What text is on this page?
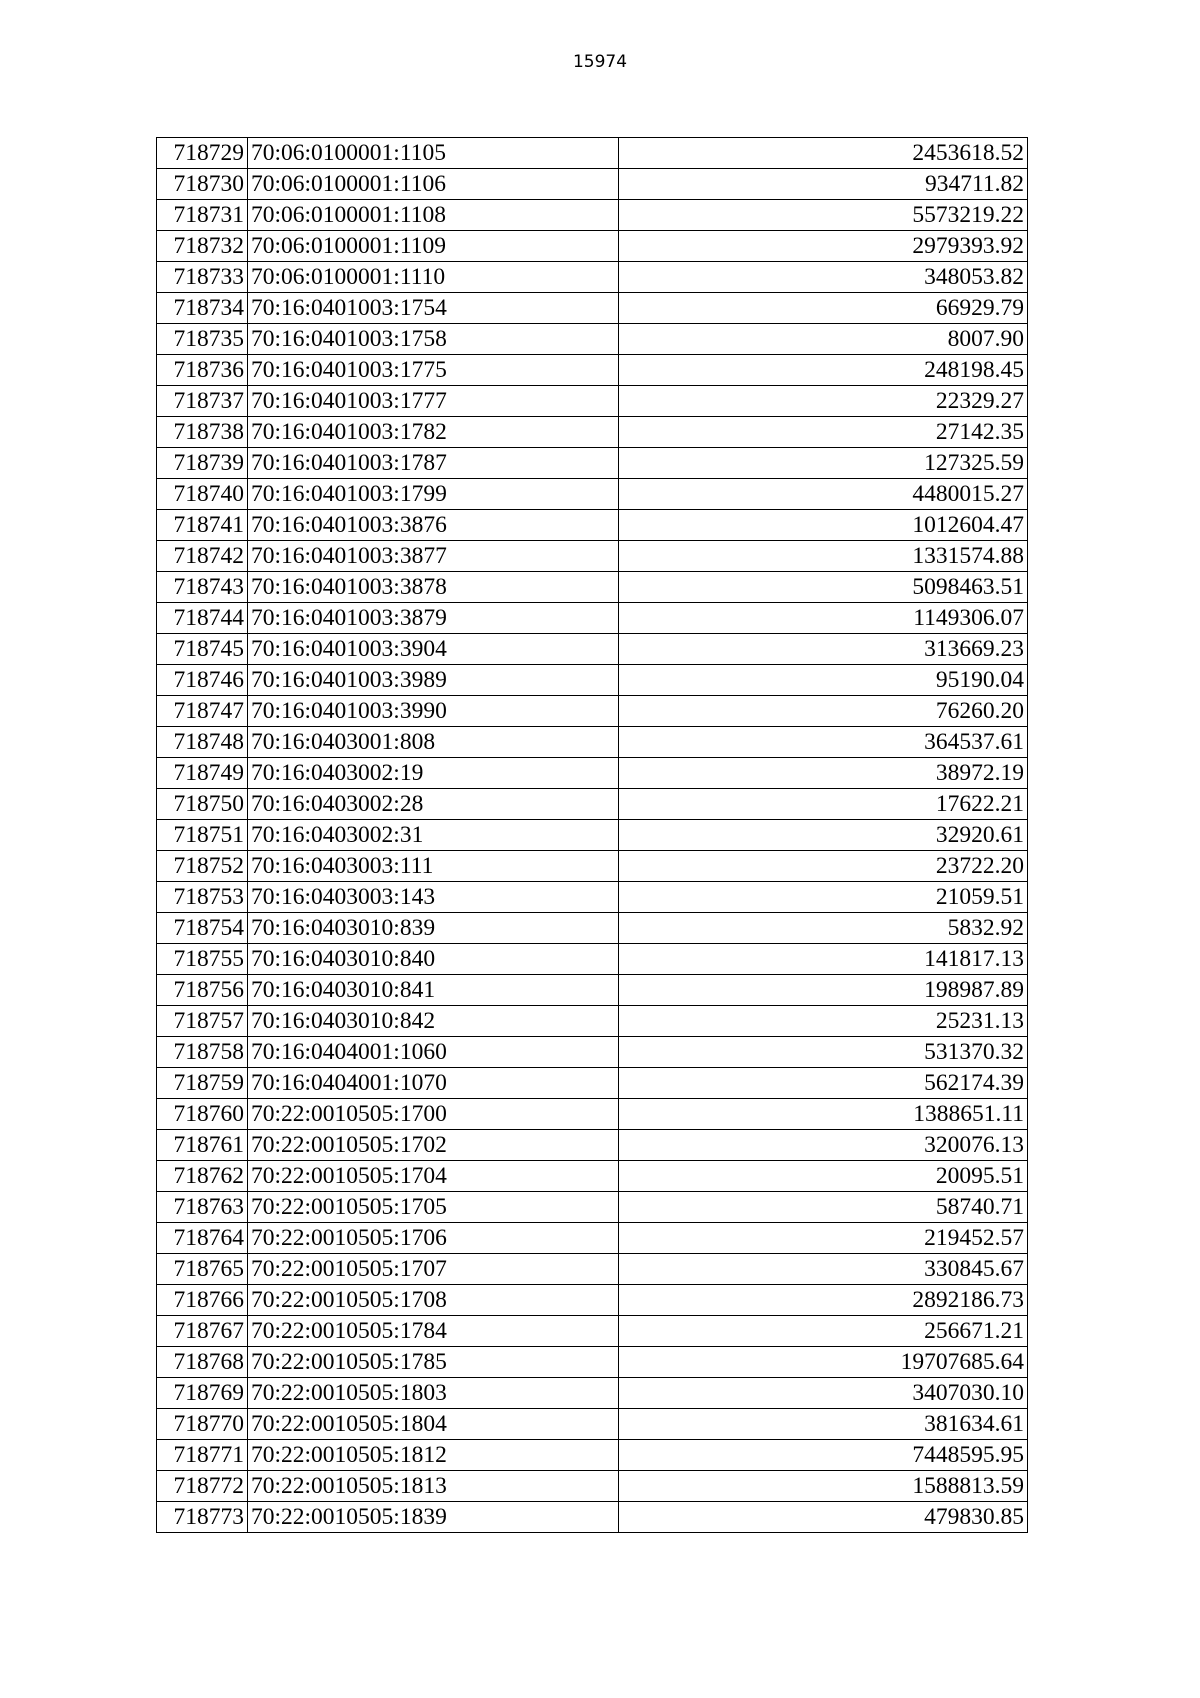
15974
718729	70:06:0100001:1105	2453618.52
718730	70:06:0100001:1106	934711.82
718731	70:06:0100001:1108	5573219.22
718732	70:06:0100001:1109	2979393.92
718733	70:06:0100001:1110	348053.82
718734	70:16:0401003:1754	66929.79
718735	70:16:0401003:1758	8007.90
718736	70:16:0401003:1775	248198.45
718737	70:16:0401003:1777	22329.27
718738	70:16:0401003:1782	27142.35
718739	70:16:0401003:1787	127325.59
718740	70:16:0401003:1799	4480015.27
718741	70:16:0401003:3876	1012604.47
718742	70:16:0401003:3877	1331574.88
718743	70:16:0401003:3878	5098463.51
718744	70:16:0401003:3879	1149306.07
718745	70:16:0401003:3904	313669.23
718746	70:16:0401003:3989	95190.04
718747	70:16:0401003:3990	76260.20
718748	70:16:0403001:808	364537.61
718749	70:16:0403002:19	38972.19
718750	70:16:0403002:28	17622.21
718751	70:16:0403002:31	32920.61
718752	70:16:0403003:111	23722.20
718753	70:16:0403003:143	21059.51
718754	70:16:0403010:839	5832.92
718755	70:16:0403010:840	141817.13
718756	70:16:0403010:841	198987.89
718757	70:16:0403010:842	25231.13
718758	70:16:0404001:1060	531370.32
718759	70:16:0404001:1070	562174.39
718760	70:22:0010505:1700	1388651.11
718761	70:22:0010505:1702	320076.13
718762	70:22:0010505:1704	20095.51
718763	70:22:0010505:1705	58740.71
718764	70:22:0010505:1706	219452.57
718765	70:22:0010505:1707	330845.67
718766	70:22:0010505:1708	2892186.73
718767	70:22:0010505:1784	256671.21
718768	70:22:0010505:1785	19707685.64
718769	70:22:0010505:1803	3407030.10
718770	70:22:0010505:1804	381634.61
718771	70:22:0010505:1812	7448595.95
718772	70:22:0010505:1813	1588813.59
718773	70:22:0010505:1839	479830.85
